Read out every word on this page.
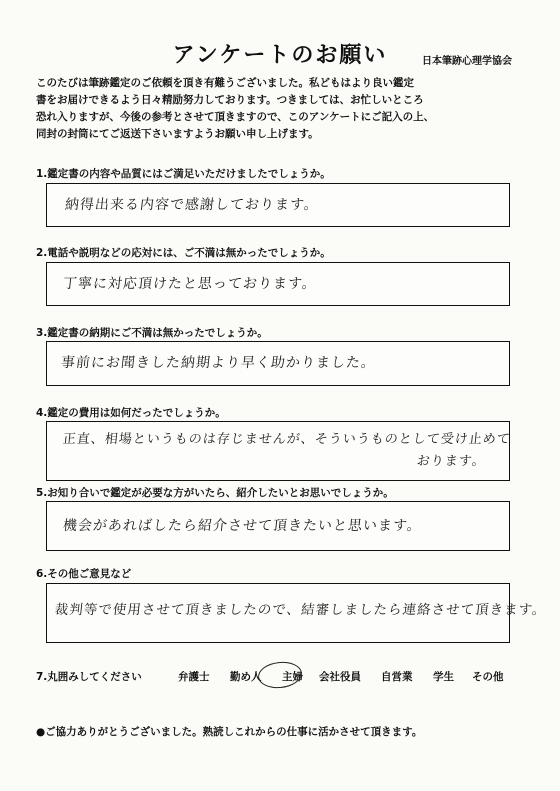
アンケートのお願い	日本筆跡心理学協会
このたびは筆跡鑑定のご依頼を頂き有難うございました。私どもはより良い鑑定
書をお届けできるよう日々精励努力しております。つきましては、お忙しいところ
恐れ入りますが、今後の参考とさせて頂きますので、このアンケートにご記入の上、
同封の封筒にてご返送下さいますようお願い申し上げます。
1.鑑定書の内容や品質にはご満足いただけましたでしょうか。
納得出来る内容で感謝しております。
2.電話や説明などの応対には、ご不満は無かったでしょうか。
丁寧に対応頂けたと思っております。
3.鑑定書の納期にご不満は無かったでしょうか。
事前にお聞きした納期より早く助かりました。
4.鑑定の費用は如何だったでしょうか。
正直、相場というものは存じませんが、そういうものとして受け止めて
おります。
5.お知り合いで鑑定が必要な方がいたら、紹介したいとお思いでしょうか。
機会があればしたら紹介させて頂きたいと思います。
6.その他ご意見など
裁判等で使用させて頂きましたので、結審しましたら連絡させて頂きます。
7.丸囲みしてください	弁護士 勤め人 主婦 会社役員 自営業 学生 その他
●ご協力ありがとうございました。熟読しこれからの仕事に活かさせて頂きます。
